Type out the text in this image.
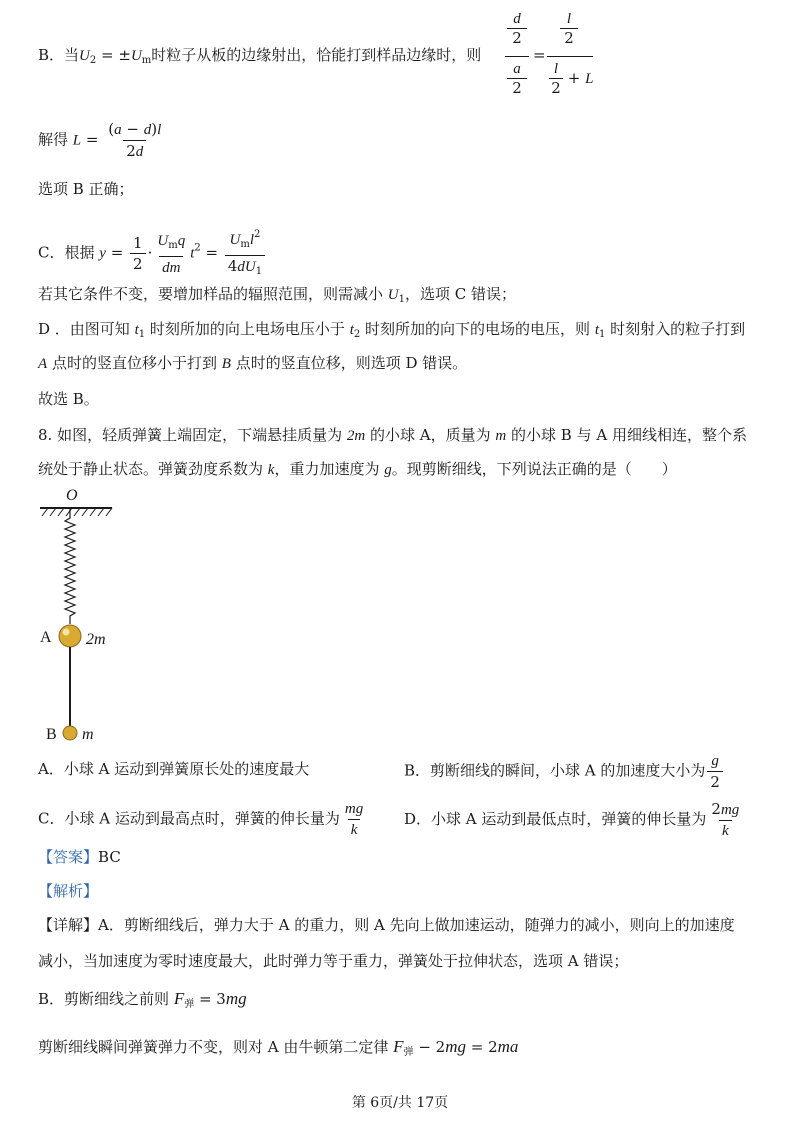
B．当$U_2 = \pm U_m$时粒子从板的边缘射出，恰能打到样品边缘时，则
d
2
a
2
=
l
2
$\frac{l}{2} + L$
解得 $L = \frac{(a - d)l}{2d}$
选项 B 正确；
C．根据 $y = \frac{1}{2} \cdot \frac{U_mq}{dm} t^2 = \frac{U_ml^2}{4dU_1}$
若其它条件不变，要增加样品的辐照范围，则需减小 $U_1$，选项 C 错误；
D ．由图可知 $t_1$ 时刻所加的向上电场电压小于 $t_2$ 时刻所加的向下的电场的电压，则 $t_1$ 时刻射入的粒子打到
A 点时的竖直位移小于打到 B 点时的竖直位移，则选项 D 错误。
故选 B。
8. 如图，轻质弹簧上端固定，下端悬挂质量为 2m 的小球 A，质量为 m 的小球 B 与 A 用细线相连，整个系
统处于静止状态。弹簧劲度系数为 k，重力加速度为 g。现剪断细线，下列说法正确的是（　　）
O
A 2m
B m
A．小球 A 运动到弹簧原长处的速度最大	B．剪断细线的瞬间，小球 A 的加速度大小为 $\frac{g}{2}$
C．小球 A 运动到最高点时，弹簧的伸长量为 $\frac{mg}{k}$	D．小球 A 运动到最低点时，弹簧的伸长量为 $\frac{2mg}{k}$
【答案】BC
【解析】
【详解】A．剪断细线后，弹力大于 A 的重力，则 A 先向上做加速运动，随弹力的减小，则向上的加速度
减小，当加速度为零时速度最大，此时弹力等于重力，弹簧处于拉伸状态，选项 A 错误；
B．剪断细线之前则 $F_弹 = 3mg$
剪断细线瞬间弹簧弹力不变，则对 A 由牛顿第二定律 $F_弹 - 2mg = 2ma$
第 6页/共 17页
